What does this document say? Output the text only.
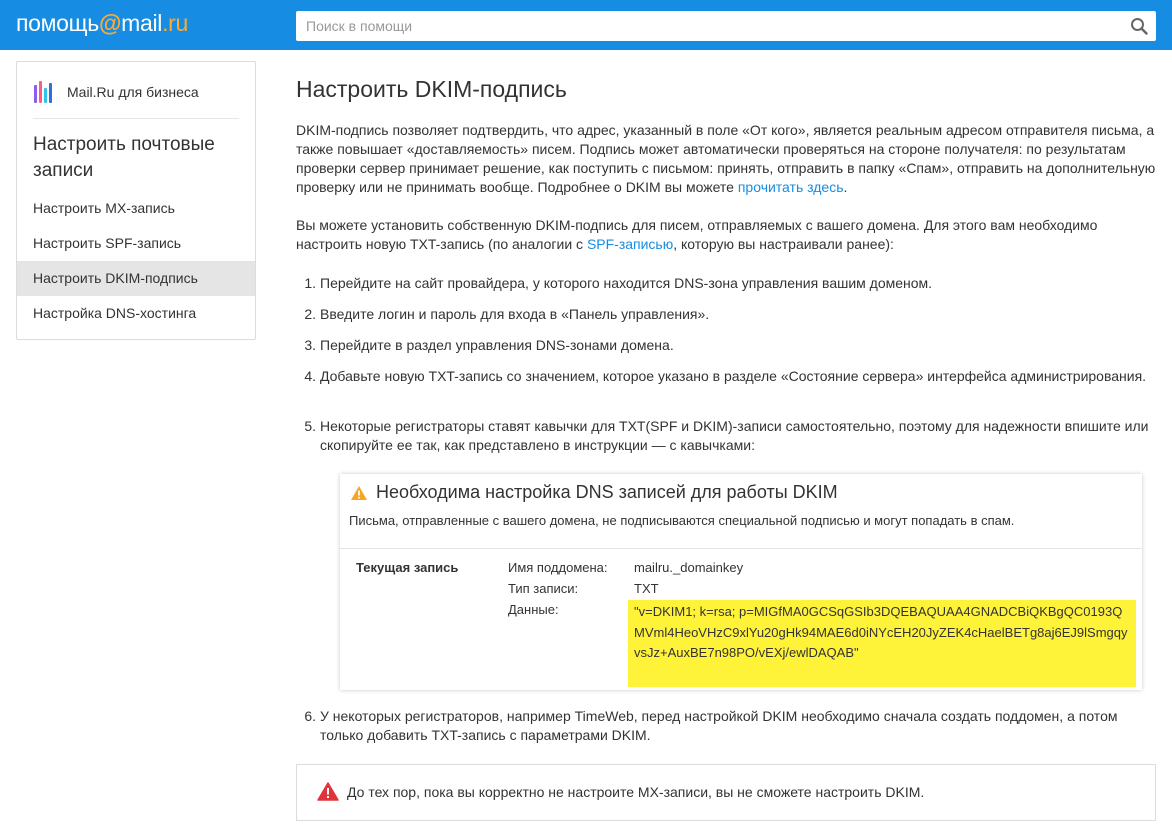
помощь@mail.ru
Поиск в помощи
Mail.Ru для бизнеса
Настроить почтовые записи
Настроить MX-запись
Настроить SPF-запись
Настроить DKIM-подпись
Настройка DNS-хостинга
Настроить DKIM-подпись
DKIM-подпись позволяет подтвердить, что адрес, указанный в поле «От кого», является реальным адресом отправителя письма, а также повышает «доставляемость» писем. Подпись может автоматически проверяться на стороне получателя: по результатам проверки сервер принимает решение, как поступить с письмом: принять, отправить в папку «Спам», отправить на дополнительную проверку или не принимать вообще. Подробнее о DKIM вы можете прочитать здесь.
Вы можете установить собственную DKIM-подпись для писем, отправляемых с вашего домена. Для этого вам необходимо настроить новую TXT-запись (по аналогии с SPF-записью, которую вы настраивали ранее):
1. Перейдите на сайт провайдера, у которого находится DNS-зона управления вашим доменом.
2. Введите логин и пароль для входа в «Панель управления».
3. Перейдите в раздел управления DNS-зонами домена.
4. Добавьте новую TXT-запись со значением, которое указано в разделе «Состояние сервера» интерфейса администрирования.
5. Некоторые регистраторы ставят кавычки для TXT(SPF и DKIM)-записи самостоятельно, поэтому для надежности впишите или скопируйте ее так, как представлено в инструкции — с кавычками:
Необходима настройка DNS записей для работы DKIM
Письма, отправленные с вашего домена, не подписываются специальной подписью и могут попадать в спам.
Текущая запись	Имя поддомена: mailru._domainkey
Тип записи:	TXT
Данные:	"v=DKIM1; k=rsa; p=MIGfMA0GCSqGSIb3DQEBAQUAA4GNADCBiQKBgQC0193QMVml4HeoVHzC9xlYu20gHk94MAE6d0iNYcEH20JyZEK4cHaelBETg8aj6EJ9lSmgqyvsJz+AuxBE7n98PO/vEXj/ewlDAQAB"
6. У некоторых регистраторов, например TimeWeb, перед настройкой DKIM необходимо сначала создать поддомен, а потом только добавить TXT-запись с параметрами DKIM.
До тех пор, пока вы корректно не настроите MX-записи, вы не сможете настроить DKIM.
